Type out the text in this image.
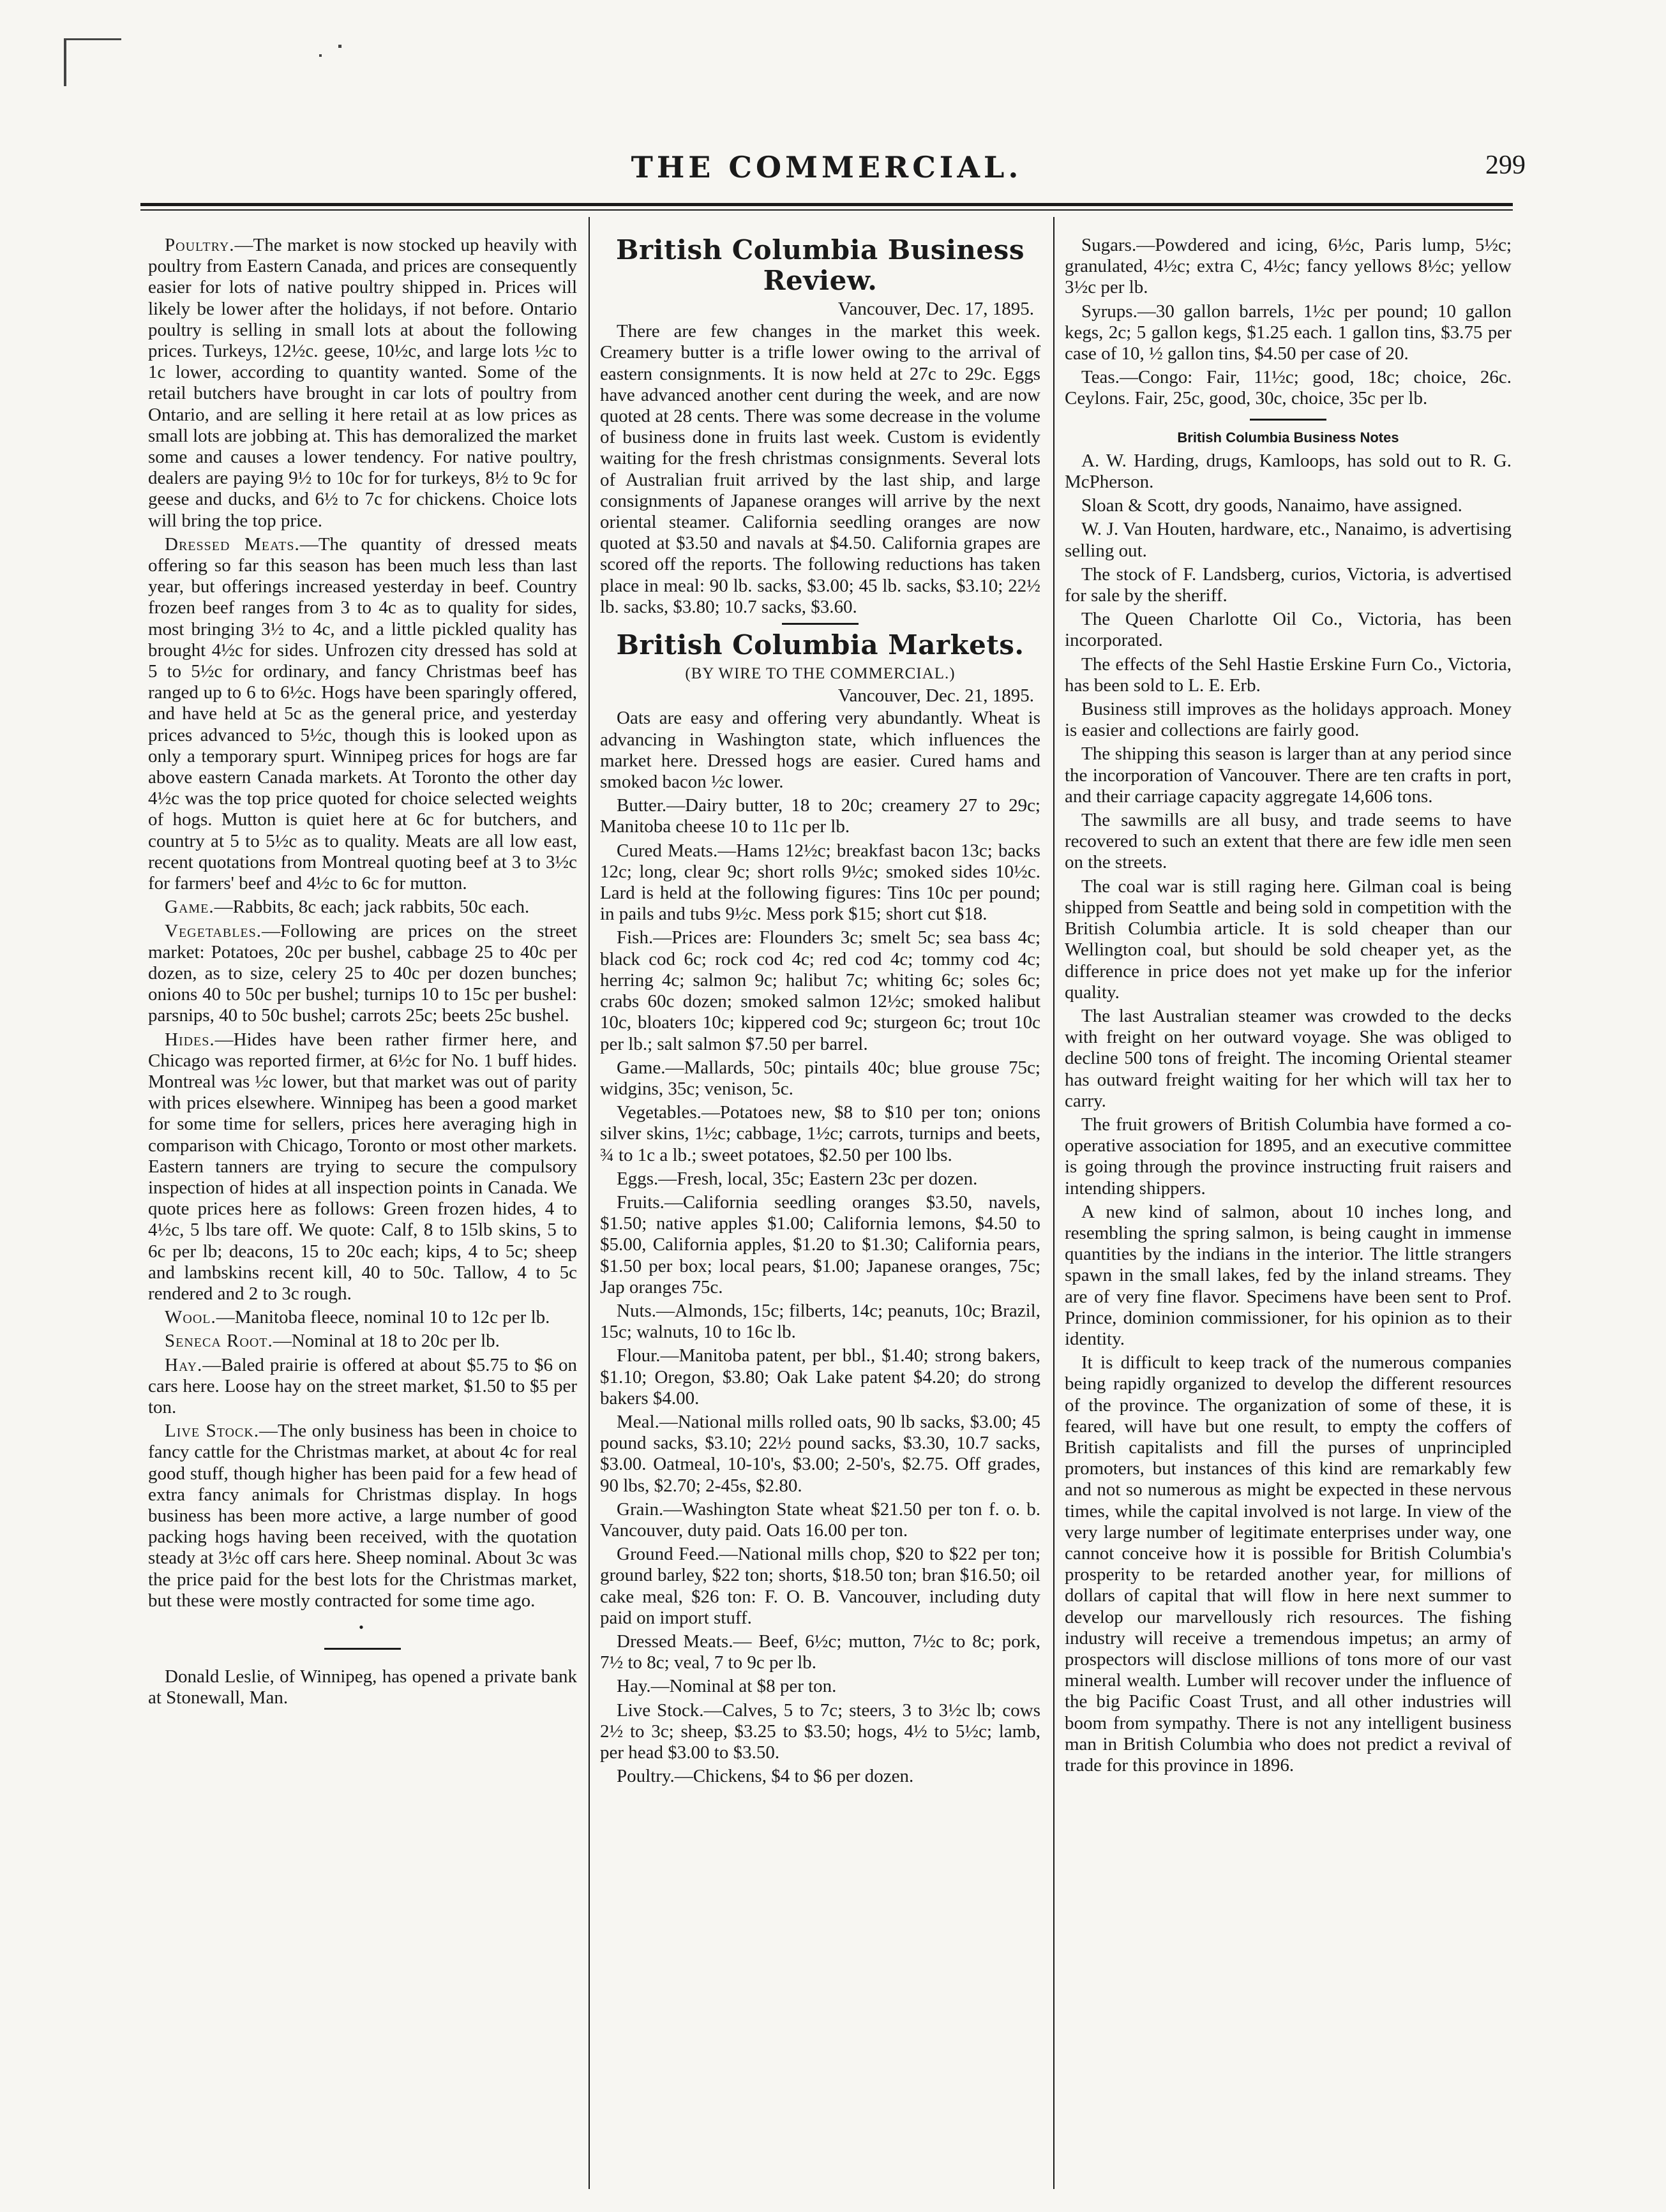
THE COMMERCIAL.	299

Poultry.—The market is now stocked up heavily with poultry from Eastern Canada, and prices are consequently easier for lots of native poultry shipped in. Prices will likely be lower after the holidays, if not before. Ontario poultry is selling in small lots at about the following prices. Turkeys, 12½c. geese, 10½c, and large lots ½c to 1c lower, according to quantity wanted. Some of the retail butchers have brought in car lots of poultry from Ontario, and are selling it here retail at as low prices as small lots are jobbing at. This has demoralized the market some and causes a lower tendency. For native poultry, dealers are paying 9½ to 10c for for turkeys, 8½ to 9c for geese and ducks, and 6½ to 7c for chickens. Choice lots will bring the top price.

Dressed Meats.—The quantity of dressed meats offering so far this season has been much less than last year, but offerings increased yesterday in beef. Country frozen beef ranges from 3 to 4c as to quality for sides, most bringing 3½ to 4c, and a little pickled quality has brought 4½c for sides. Unfrozen city dressed has sold at 5 to 5½c for ordinary, and fancy Christmas beef has ranged up to 6 to 6½c. Hogs have been sparingly offered, and have held at 5c as the general price, and yesterday prices advanced to 5½c, though this is looked upon as only a temporary spurt. Winnipeg prices for hogs are far above eastern Canada markets. At Toronto the other day 4½c was the top price quoted for choice selected weights of hogs. Mutton is quiet here at 6c for butchers, and country at 5 to 5½c as to quality. Meats are all low east, recent quotations from Montreal quoting beef at 3 to 3½c for farmers' beef and 4½c to 6c for mutton.

Game.—Rabbits, 8c each; jack rabbits, 50c each.

Vegetables.—Following are prices on the street market: Potatoes, 20c per bushel, cabbage 25 to 40c per dozen, as to size, celery 25 to 40c per dozen bunches; onions 40 to 50c per bushel; turnips 10 to 15c per bushel: parsnips, 40 to 50c bushel; carrots 25c; beets 25c bushel.

Hides.—Hides have been rather firmer here, and Chicago was reported firmer, at 6½c for No. 1 buff hides. Montreal was ½c lower, but that market was out of parity with prices elsewhere. Winnipeg has been a good market for some time for sellers, prices here averaging high in comparison with Chicago, Toronto or most other markets. Eastern tanners are trying to secure the compulsory inspection of hides at all inspection points in Canada. We quote prices here as follows: Green frozen hides, 4 to 4½c, 5 lbs tare off. We quote: Calf, 8 to 15lb skins, 5 to 6c per lb; deacons, 15 to 20c each; kips, 4 to 5c; sheep and lambskins recent kill, 40 to 50c. Tallow, 4 to 5c rendered and 2 to 3c rough.

Wool.—Manitoba fleece, nominal 10 to 12c per lb.

Seneca Root.—Nominal at 18 to 20c per lb.

Hay.—Baled prairie is offered at about $5.75 to $6 on cars here. Loose hay on the street market, $1.50 to $5 per ton.

Live Stock.—The only business has been in choice to fancy cattle for the Christmas market, at about 4c for real good stuff, though higher has been paid for a few head of extra fancy animals for Christmas display. In hogs business has been more active, a large number of good packing hogs having been received, with the quotation steady at 3½c off cars here. Sheep nominal. About 3c was the price paid for the best lots for the Christmas market, but these were mostly contracted for some time ago.

•

Donald Leslie, of Winnipeg, has opened a private bank at Stonewall, Man.

British Columbia Business Review.
Vancouver, Dec. 17, 1895.

There are few changes in the market this week. Creamery butter is a trifle lower owing to the arrival of eastern consignments. It is now held at 27c to 29c. Eggs have advanced another cent during the week, and are now quoted at 28 cents. There was some decrease in the volume of business done in fruits last week. Custom is evidently waiting for the fresh christmas consignments. Several lots of Australian fruit arrived by the last ship, and large consignments of Japanese oranges will arrive by the next oriental steamer. California seedling oranges are now quoted at $3.50 and navals at $4.50. California grapes are scored off the reports. The following reductions has taken place in meal: 90 lb. sacks, $3.00; 45 lb. sacks, $3.10; 22½ lb. sacks, $3.80; 10.7 sacks, $3.60.

British Columbia Markets.
(BY WIRE TO THE COMMERCIAL.)
Vancouver, Dec. 21, 1895.

Oats are easy and offering very abundantly. Wheat is advancing in Washington state, which influences the market here. Dressed hogs are easier. Cured hams and smoked bacon ½c lower.

Butter.—Dairy butter, 18 to 20c; creamery 27 to 29c; Manitoba cheese 10 to 11c per lb.

Cured Meats.—Hams 12½c; breakfast bacon 13c; backs 12c; long, clear 9c; short rolls 9½c; smoked sides 10½c. Lard is held at the following figures: Tins 10c per pound; in pails and tubs 9½c. Mess pork $15; short cut $18.

Fish.—Prices are: Flounders 3c; smelt 5c; sea bass 4c; black cod 6c; rock cod 4c; red cod 4c; tommy cod 4c; herring 4c; salmon 9c; halibut 7c; whiting 6c; soles 6c; crabs 60c dozen; smoked salmon 12½c; smoked halibut 10c, bloaters 10c; kippered cod 9c; sturgeon 6c; trout 10c per lb.; salt salmon $7.50 per barrel.

Game.—Mallards, 50c; pintails 40c; blue grouse 75c; widgins, 35c; venison, 5c.

Vegetables.—Potatoes new, $8 to $10 per ton; onions silver skins, 1½c; cabbage, 1½c; carrots, turnips and beets, ¾ to 1c a lb.; sweet potatoes, $2.50 per 100 lbs.

Eggs.—Fresh, local, 35c; Eastern 23c per dozen.

Fruits.—California seedling oranges $3.50, navels, $1.50; native apples $1.00; California lemons, $4.50 to $5.00, California apples, $1.20 to $1.30; California pears, $1.50 per box; local pears, $1.00; Japanese oranges, 75c; Jap oranges 75c.

Nuts.—Almonds, 15c; filberts, 14c; peanuts, 10c; Brazil, 15c; walnuts, 10 to 16c lb.

Flour.—Manitoba patent, per bbl., $1.40; strong bakers, $1.10; Oregon, $3.80; Oak Lake patent $4.20; do strong bakers $4.00.

Meal.—National mills rolled oats, 90 lb sacks, $3.00; 45 pound sacks, $3.10; 22½ pound sacks, $3.30, 10.7 sacks, $3.00. Oatmeal, 10-10's, $3.00; 2-50's, $2.75. Off grades, 90 lbs, $2.70; 2-45s, $2.80.

Grain.—Washington State wheat $21.50 per ton f. o. b. Vancouver, duty paid. Oats 16.00 per ton.

Ground Feed.—National mills chop, $20 to $22 per ton; ground barley, $22 ton; shorts, $18.50 ton; bran $16.50; oil cake meal, $26 ton: F. O. B. Vancouver, including duty paid on import stuff.

Dressed Meats.— Beef, 6½c; mutton, 7½c to 8c; pork, 7½ to 8c; veal, 7 to 9c per lb.

Hay.—Nominal at $8 per ton.

Live Stock.—Calves, 5 to 7c; steers, 3 to 3½c lb; cows 2½ to 3c; sheep, $3.25 to $3.50; hogs, 4½ to 5½c; lamb, per head $3.00 to $3.50.

Poultry.—Chickens, $4 to $6 per dozen.

Sugars.—Powdered and icing, 6½c, Paris lump, 5½c; granulated, 4½c; extra C, 4½c; fancy yellows 8½c; yellow 3½c per lb.

Syrups.—30 gallon barrels, 1½c per pound; 10 gallon kegs, 2c; 5 gallon kegs, $1.25 each. 1 gallon tins, $3.75 per case of 10, ½ gallon tins, $4.50 per case of 20.

Teas.—Congo: Fair, 11½c; good, 18c; choice, 26c. Ceylons. Fair, 25c, good, 30c, choice, 35c per lb.

British Columbia Business Notes

A. W. Harding, drugs, Kamloops, has sold out to R. G. McPherson.

Sloan & Scott, dry goods, Nanaimo, have assigned.

W. J. Van Houten, hardware, etc., Nanaimo, is advertising selling out.

The stock of F. Landsberg, curios, Victoria, is advertised for sale by the sheriff.

The Queen Charlotte Oil Co., Victoria, has been incorporated.

The effects of the Sehl Hastie Erskine Furn Co., Victoria, has been sold to L. E. Erb.

Business still improves as the holidays approach. Money is easier and collections are fairly good.

The shipping this season is larger than at any period since the incorporation of Vancouver. There are ten crafts in port, and their carriage capacity aggregate 14,606 tons.

The sawmills are all busy, and trade seems to have recovered to such an extent that there are few idle men seen on the streets.

The coal war is still raging here. Gilman coal is being shipped from Seattle and being sold in competition with the British Columbia article. It is sold cheaper than our Wellington coal, but should be sold cheaper yet, as the difference in price does not yet make up for the inferior quality.

The last Australian steamer was crowded to the decks with freight on her outward voyage. She was obliged to decline 500 tons of freight. The incoming Oriental steamer has outward freight waiting for her which will tax her to carry.

The fruit growers of British Columbia have formed a co-operative association for 1895, and an executive committee is going through the province instructing fruit raisers and intending shippers.

A new kind of salmon, about 10 inches long, and resembling the spring salmon, is being caught in immense quantities by the indians in the interior. The little strangers spawn in the small lakes, fed by the inland streams. They are of very fine flavor. Specimens have been sent to Prof. Prince, dominion commissioner, for his opinion as to their identity.

It is difficult to keep track of the numerous companies being rapidly organized to develop the different resources of the province. The organization of some of these, it is feared, will have but one result, to empty the coffers of British capitalists and fill the purses of unprincipled promoters, but instances of this kind are remarkably few and not so numerous as might be expected in these nervous times, while the capital involved is not large. In view of the very large number of legitimate enterprises under way, one cannot conceive how it is possible for British Columbia's prosperity to be retarded another year, for millions of dollars of capital that will flow in here next summer to develop our marvellously rich resources. The fishing industry will receive a tremendous impetus; an army of prospectors will disclose millions of tons more of our vast mineral wealth. Lumber will recover under the influence of the big Pacific Coast Trust, and all other industries will boom from sympathy. There is not any intelligent business man in British Columbia who does not predict a revival of trade for this province in 1896.
